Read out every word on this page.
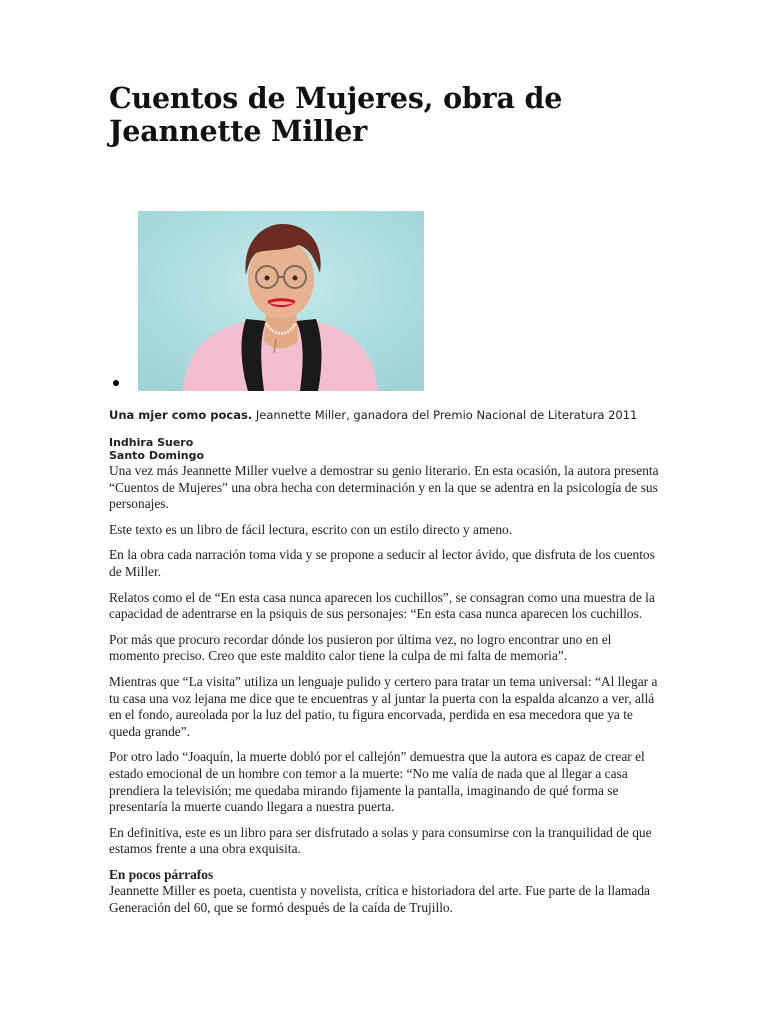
Cuentos de Mujeres, obra de Jeannette Miller
Una mjer como pocas. Jeannette Miller, ganadora del Premio Nacional de Literatura 2011
Indhira Suero
Santo Domingo

Una vez más Jeannette Miller vuelve a demostrar su genio literario. En esta ocasión, la autora presenta “Cuentos de Mujeres” una obra hecha con determinación y en la que se adentra en la psicología de sus personajes.

Este texto es un libro de fácil lectura, escrito con un estilo directo y ameno.

En la obra cada narración toma vida y se propone a seducir al lector ávido, que disfruta de los cuentos de Miller.

Relatos como el de “En esta casa nunca aparecen los cuchillos”, se consagran como una muestra de la capacidad de adentrarse en la psiquis de sus personajes: “En esta casa nunca aparecen los cuchillos.

Por más que procuro recordar dónde los pusieron por última vez, no logro encontrar uno en el momento preciso. Creo que este maldito calor tiene la culpa de mi falta de memoria”.

Mientras que “La visita” utiliza un lenguaje pulido y certero para tratar un tema universal: “Al llegar a tu casa una voz lejana me dice que te encuentras y al juntar la puerta con la espalda alcanzo a ver, allá en el fondo, aureolada por la luz del patio, tu figura encorvada, perdida en esa mecedora que ya te queda grande”.

Por otro lado “Joaquín, la muerte dobló por el callejón” demuestra que la autora es capaz de crear el estado emocional de un hombre con temor a la muerte: “No me valía de nada que al llegar a casa prendiera la televisión; me quedaba mirando fijamente la pantalla, imaginando de qué forma se presentaría la muerte cuando llegara a nuestra puerta.

En definitiva, este es un libro para ser disfrutado a solas y para consumirse con la tranquilidad de que estamos frente a una obra exquisita.

En pocos párrafos

Jeannette Miller es poeta, cuentista y novelista, crítica e historiadora del arte. Fue parte de la llamada Generación del 60, que se formó después de la caída de Trujillo.
